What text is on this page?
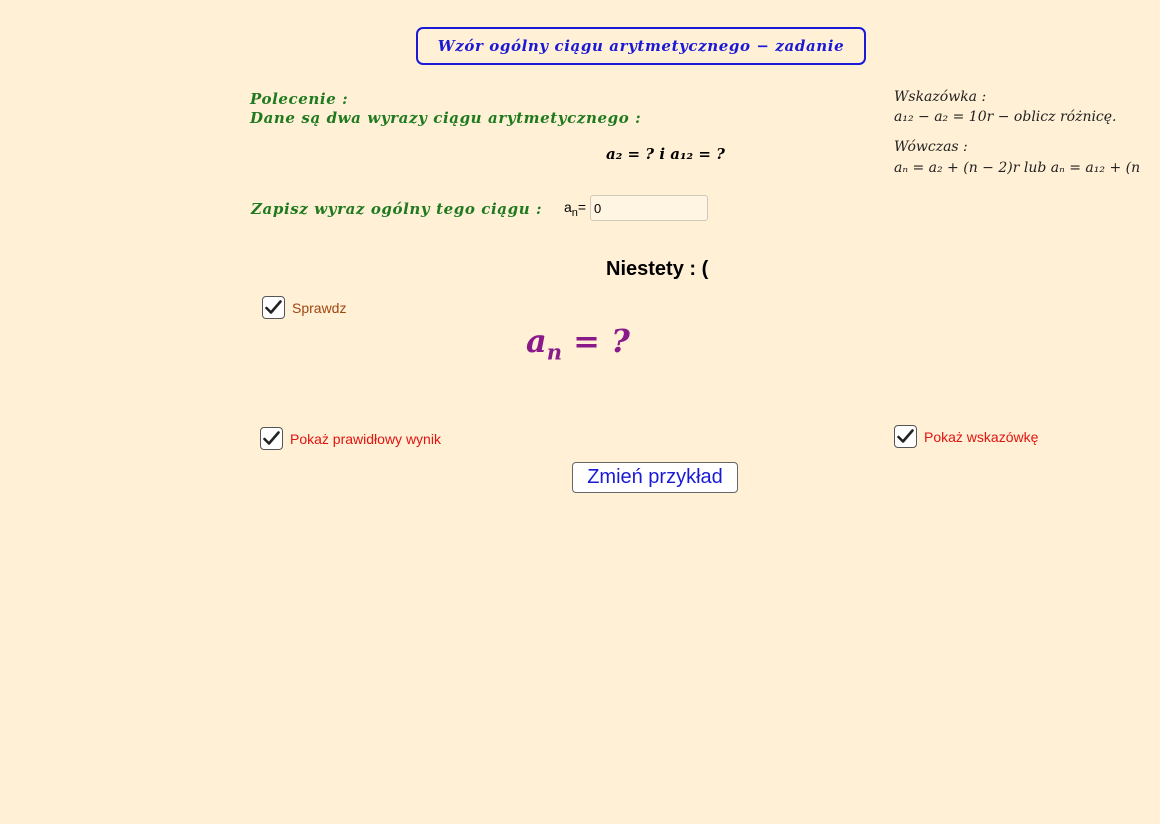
Wzór ogólny ciągu arytmetycznego − zadanie
Polecenie :
Dane są dwa wyrazy ciągu arytmetycznego :
a₂ = ? i a₁₂ = ?
Wskazówka :
a₁₂ − a₂ = 10r − oblicz różnicę.
Wówczas :
aₙ = a₂ + (n − 2)r lub aₙ = a₁₂ + (n
Zapisz wyraz ogólny tego ciągu : $a_n=$
0
Niestety : (
Sprawdz
$a_n$ = ?
Pokaż prawidłowy wynik	Pokaż wskazówkę
Zmień przykład
